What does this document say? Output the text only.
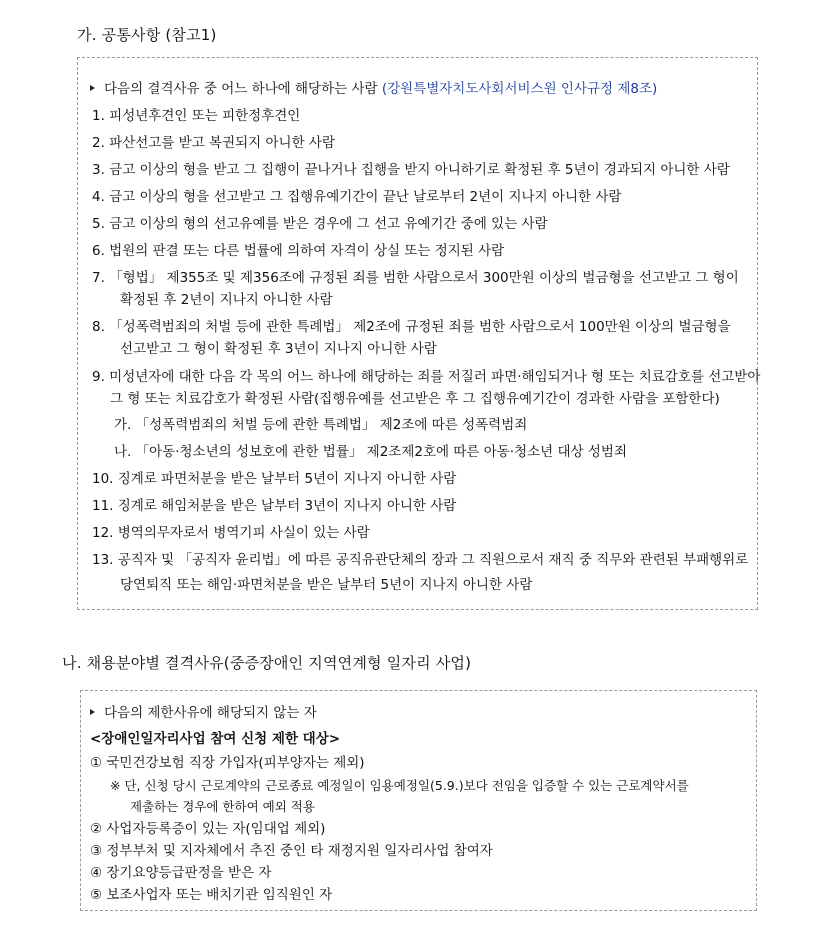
가. 공통사항 (참고1)
다음의 결격사유 중 어느 하나에 해당하는 사람 (강원특별자치도사회서비스원 인사규정 제8조)
1. 피성년후견인 또는 피한정후견인
2. 파산선고를 받고 복권되지 아니한 사람
3. 금고 이상의 형을 받고 그 집행이 끝나거나 집행을 받지 아니하기로 확정된 후 5년이 경과되지 아니한 사람
4. 금고 이상의 형을 선고받고 그 집행유예기간이 끝난 날로부터 2년이 지나지 아니한 사람
5. 금고 이상의 형의 선고유예를 받은 경우에 그 선고 유예기간 중에 있는 사람
6. 법원의 판결 또는 다른 법률에 의하여 자격이 상실 또는 정지된 사람
7. 「형법」 제355조 및 제356조에 규정된 죄를 범한 사람으로서 300만원 이상의 벌금형을 선고받고 그 형이
확정된 후 2년이 지나지 아니한 사람
8. 「성폭력범죄의 처벌 등에 관한 특례법」 제2조에 규정된 죄를 범한 사람으로서 100만원 이상의 벌금형을
선고받고 그 형이 확정된 후 3년이 지나지 아니한 사람
9. 미성년자에 대한 다음 각 목의 어느 하나에 해당하는 죄를 저질러 파면·해임되거나 형 또는 치료감호를 선고받아
그 형 또는 치료감호가 확정된 사람(집행유예를 선고받은 후 그 집행유예기간이 경과한 사람을 포함한다)
가. 「성폭력범죄의 처벌 등에 관한 특례법」 제2조에 따른 성폭력범죄
나. 「아동·청소년의 성보호에 관한 법률」 제2조제2호에 따른 아동·청소년 대상 성범죄
10. 징계로 파면처분을 받은 날부터 5년이 지나지 아니한 사람
11. 징계로 해임처분을 받은 날부터 3년이 지나지 아니한 사람
12. 병역의무자로서 병역기피 사실이 있는 사람
13. 공직자 및 「공직자 윤리법」에 따른 공직유관단체의 장과 그 직원으로서 재직 중 직무와 관련된 부패행위로
당연퇴직 또는 해임·파면처분을 받은 날부터 5년이 지나지 아니한 사람
나. 채용분야별 결격사유(중증장애인 지역연계형 일자리 사업)
다음의 제한사유에 해당되지 않는 자
<장애인일자리사업 참여 신청 제한 대상>
① 국민건강보험 직장 가입자(피부양자는 제외)
※ 단, 신청 당시 근로계약의 근로종료 예정일이 임용예정일(5.9.)보다 전임을 입증할 수 있는 근로계약서를
제출하는 경우에 한하여 예외 적용
② 사업자등록증이 있는 자(임대업 제외)
③ 정부부처 및 지자체에서 추진 중인 타 재정지원 일자리사업 참여자
④ 장기요양등급판정을 받은 자
⑤ 보조사업자 또는 배치기관 임직원인 자
